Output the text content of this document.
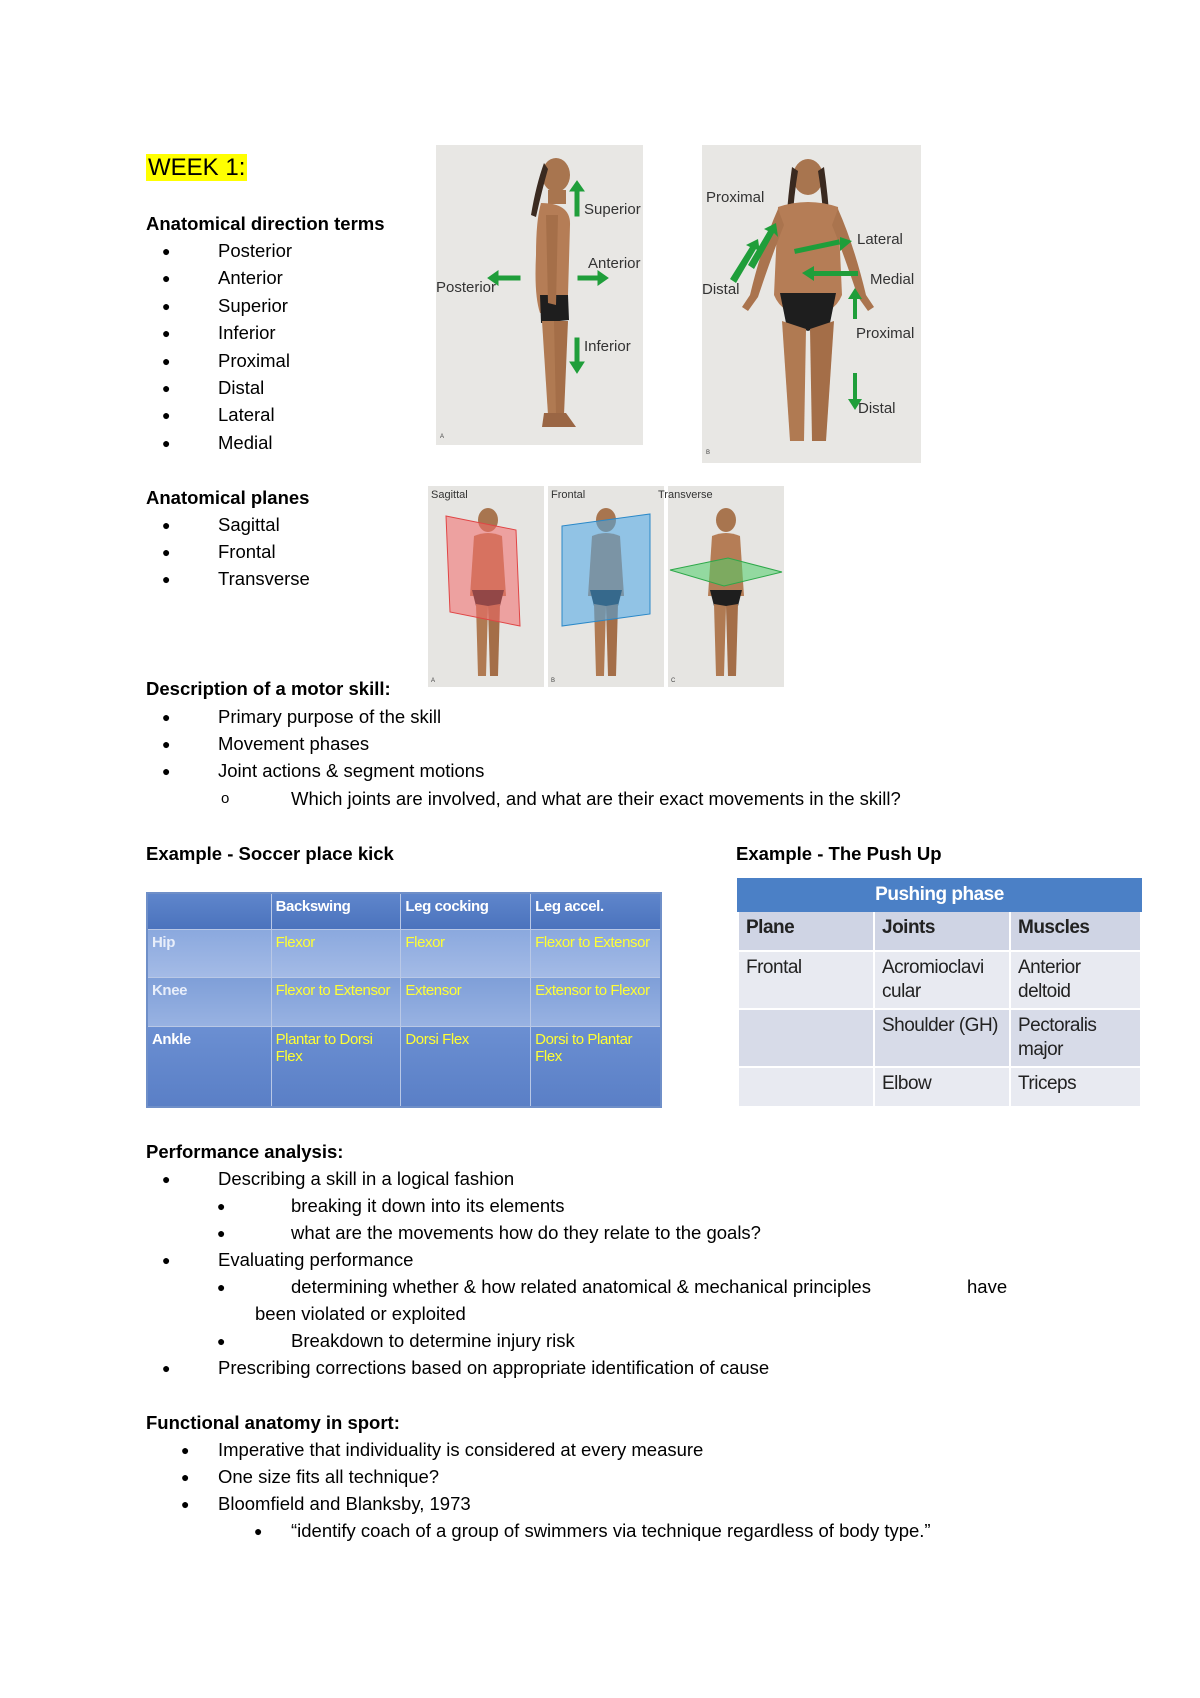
WEEK 1:
Anatomical direction terms
●	Posterior
●	Anterior
●	Superior
●	Inferior
●	Proximal
●	Distal
●	Lateral
●	Medial
Superior
Anterior
Posterior
Inferior
A
Proximal
Lateral
Distal
Medial
Proximal
Distal
B
Anatomical planes
●	Sagittal
●	Frontal
●	Transverse
Sagittal
A
Frontal
B
Transverse
C
Description of a motor skill:
●	Primary purpose of the skill
●	Movement phases
●	Joint actions & segment motions
o	Which joints are involved, and what are their exact movements in the skill?
Example - Soccer place kick	Example - The Push Up
	Backswing	Leg cocking	Leg accel.
Hip	Flexor	Flexor	Flexor to Extensor
Knee	Flexor to Extensor	Extensor	Extensor to Flexor
Ankle	Plantar to Dorsi Flex	Dorsi Flex	Dorsi to Plantar Flex
Pushing phase		
Plane	Joints	Muscles
Frontal	Acromioclavi cular	Anterior deltoid
	Shoulder (GH)	Pectoralis major
	Elbow	Triceps
Performance analysis:
●	Describing a skill in a logical fashion
●	breaking it down into its elements
●	what are the movements how do they relate to the goals?
●	Evaluating performance
●	determining whether & how related anatomical & mechanical principles	have
been violated or exploited
●	Breakdown to determine injury risk
●	Prescribing corrections based on appropriate identification of cause
Functional anatomy in sport:
● Imperative that individuality is considered at every measure
● One size fits all technique?
● Bloomfield and Blanksby, 1973
● “identify coach of a group of swimmers via technique regardless of body type.”
